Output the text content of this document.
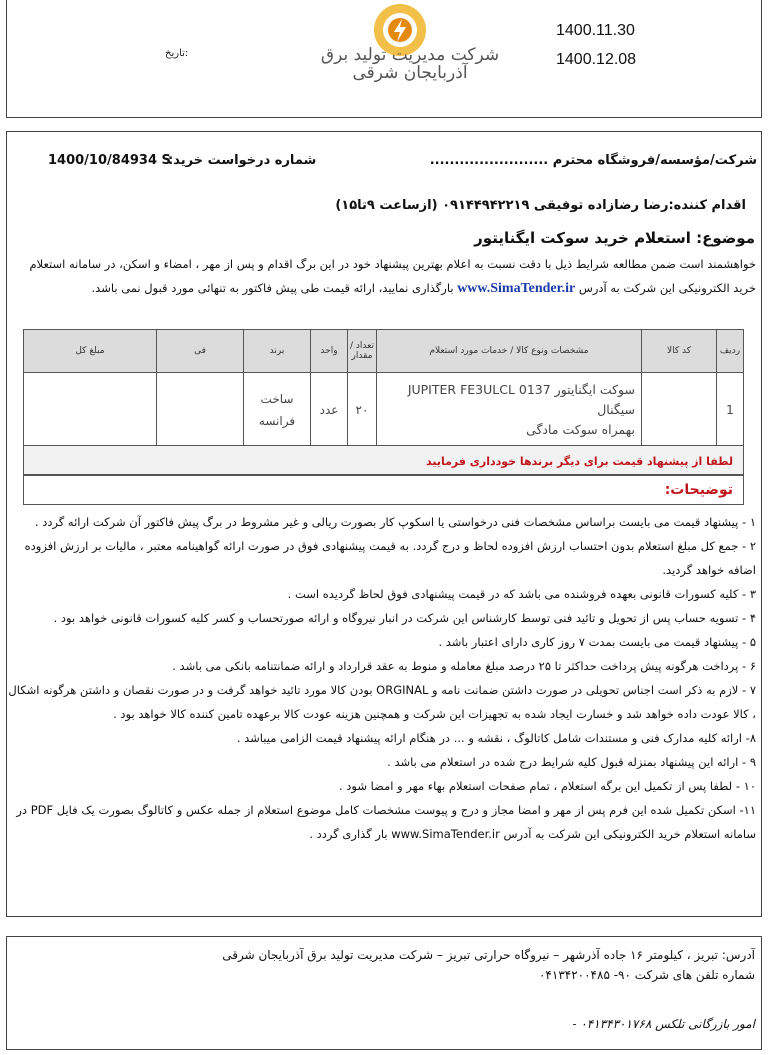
1400.11.30
1400.12.08
شرکت مدیریت تولید برق آذربایجان شرقی
تاریخ:
شرکت/مؤسسه/فروشگاه محترم ........................
شماره درخواست خرید:
1400/10/84934 S
اقدام کننده:رضا رضازاده توفیقی ۰۹۱۴۴۹۴۲۲۱۹ (ازساعت ۹تا۱۵)
موضوع: استعلام خرید سوکت ایگنایتور
خواهشمند است ضمن مطالعه شرایط ذیل با دقت نسبت به اعلام بهترین پیشنهاد خود در این برگ اقدام و پس از مهر ، امضاء و اسکن، در سامانه استعلام خرید الکترونیکی این شرکت به آدرس www.SimaTender.ir بارگذاری نمایید، ارائه قیمت طی پیش فاکتور به تنهائی مورد قبول نمی باشد.
ردیف	کد کالا	مشخصات ونوع کالا / خدمات مورد استعلام	تعداد / مقدار	واحد	برند	فی	مبلغ کل
1		سوکت ایگنایتور JUPITER FE3ULCL 0137
سیگنال
بهمراه سوکت مادگی	۲۰	عدد	ساخت فرانسه		
لطفا از پیشنهاد قیمت برای دیگر برندها خودداری فرمایید
توضیحات:
۱ - پیشنهاد قیمت می بایست براساس مشخصات فنی درخواستی یا اسکوپ کار بصورت ریالی و غیر مشروط در برگ پیش فاکتور آن شرکت ارائه گردد .
۲ - جمع کل مبلغ استعلام بدون احتساب ارزش افزوده لحاظ و درج گردد. به قیمت پیشنهادی فوق در صورت ارائه گواهینامه معتبر ، مالیات بر ارزش افزوده اضافه خواهد گردید.
۳ - کلیه کسورات قانونی بعهده فروشنده می باشد که در قیمت پیشنهادی فوق لحاظ گردیده است .
۴ - تسویه حساب پس از تحویل و تائید فنی توسط کارشناس این شرکت در انبار نیروگاه و ارائه صورتحساب و کسر کلیه کسورات قانونی خواهد بود .
۵ - پیشنهاد قیمت می بایست بمدت ۷ روز کاری دارای اعتبار باشد .
۶ - پرداخت هرگونه پیش پرداخت حداکثر تا ۲۵ درصد مبلغ معامله و منوط به عقد قرارداد و ارائه ضمانتنامه بانکی می باشد .
۷ - لازم به ذکر است اجناس تحویلی در صورت داشتن ضمانت نامه و ORGINAL بودن کالا مورد تائید خواهد گرفت و در صورت نقصان و داشتن هرگونه اشکال ، کالا عودت داده خواهد شد و خسارت ایجاد شده به تجهیزات این شرکت و همچنین هزینه عودت کالا برعهده تامین کننده کالا خواهد بود .
۸- ارائه کلیه مدارک فنی و مستندات شامل کاتالوگ ، نقشه و ... در هنگام ارائه پیشنهاد قیمت الزامی میباشد .
۹ - ارائه این پیشنهاد بمنزله قبول کلیه شرایط درج شده در استعلام می باشد .
۱۰ - لطفا پس از تکمیل این برگه استعلام ، تمام صفحات استعلام بهاء مهر و امضا شود .
۱۱- اسکن تکمیل شده این فرم پس از مهر و امضا مجاز و درج و پیوست مشخصات کامل موضوع استعلام از جمله عکس و کاتالوگ بصورت یک فایل PDF در سامانه استعلام خرید الکترونیکی این شرکت به آدرس www.SimaTender.ir بار گذاری گردد .
آدرس: تبریز ، کیلومتر ۱۶ جاده آذرشهر – نیروگاه حرارتی تبریز – شرکت مدیریت تولید برق آذربایجان شرقی
شماره تلفن های شرکت ۹۰- ۰۴۱۳۴۲۰۰۴۸۵
امور بازرگانی تلکس ۰۴۱۳۴۳۰۱۷۶۸ -
